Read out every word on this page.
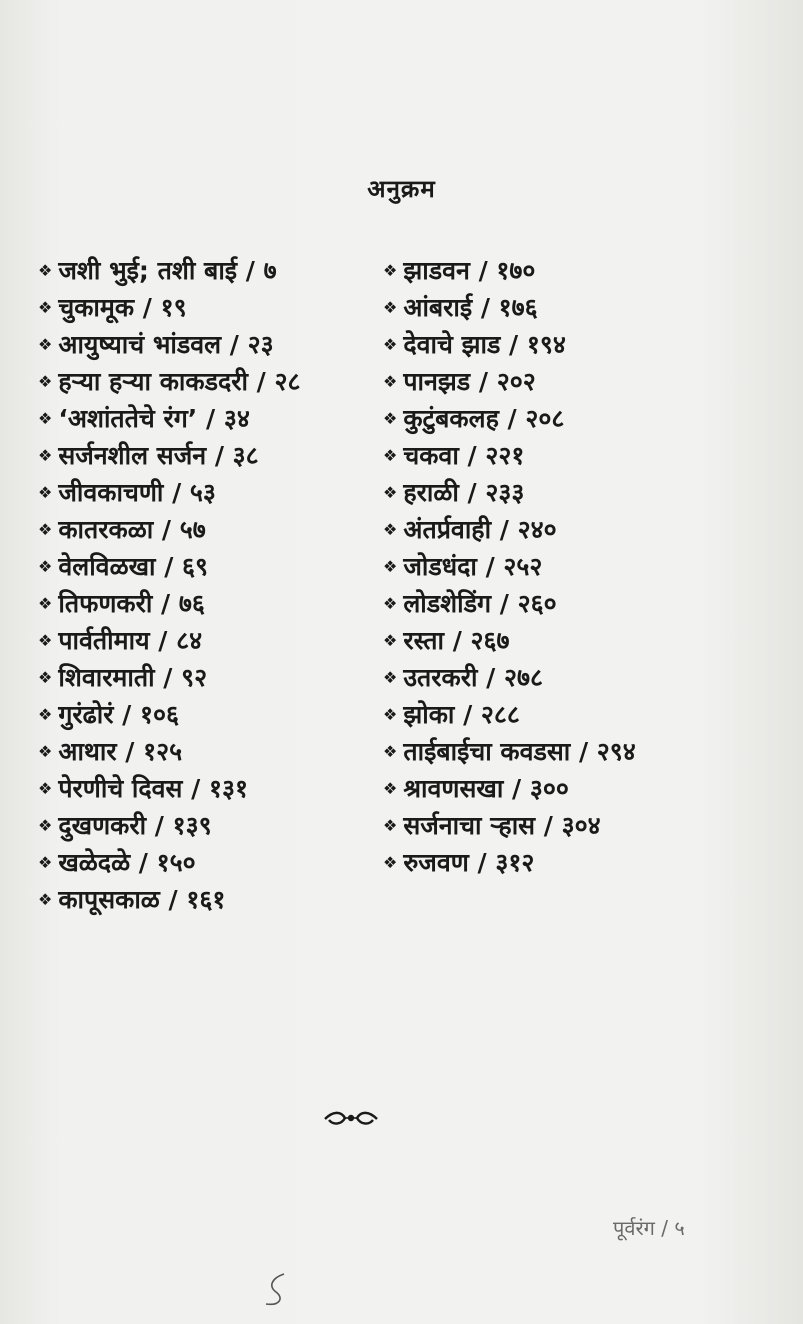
अनुक्रम
❖ जशी भुई; तशी बाई / ७
❖ चुकामूक / १९
❖ आयुष्याचं भांडवल / २३
❖ हऱ्या हऱ्या काकडदरी / २८
❖ ‘अशांततेचे रंग’ / ३४
❖ सर्जनशील सर्जन / ३८
❖ जीवकाचणी / ५३
❖ कातरकळा / ५७
❖ वेलविळखा / ६९
❖ तिफणकरी / ७६
❖ पार्वतीमाय / ८४
❖ शिवारमाती / ९२
❖ गुरंढोरं / १०६
❖ आथार / १२५
❖ पेरणीचे दिवस / १३१
❖ दुखणकरी / १३९
❖ खळेदळे / १५०
❖ कापूसकाळ / १६१
❖ झाडवन / १७०
❖ आंबराई / १७६
❖ देवाचे झाड / १९४
❖ पानझड / २०२
❖ कुटुंबकलह / २०८
❖ चकवा / २२१
❖ हराळी / २३३
❖ अंतर्प्रवाही / २४०
❖ जोडधंदा / २५२
❖ लोडशेडिंग / २६०
❖ रस्ता / २६७
❖ उतरकरी / २७८
❖ झोका / २८८
❖ ताईबाईचा कवडसा / २९४
❖ श्रावणसखा / ३००
❖ सर्जनाचा ऱ्हास / ३०४
❖ रुजवण / ३१२
पूर्वरंग / ५
